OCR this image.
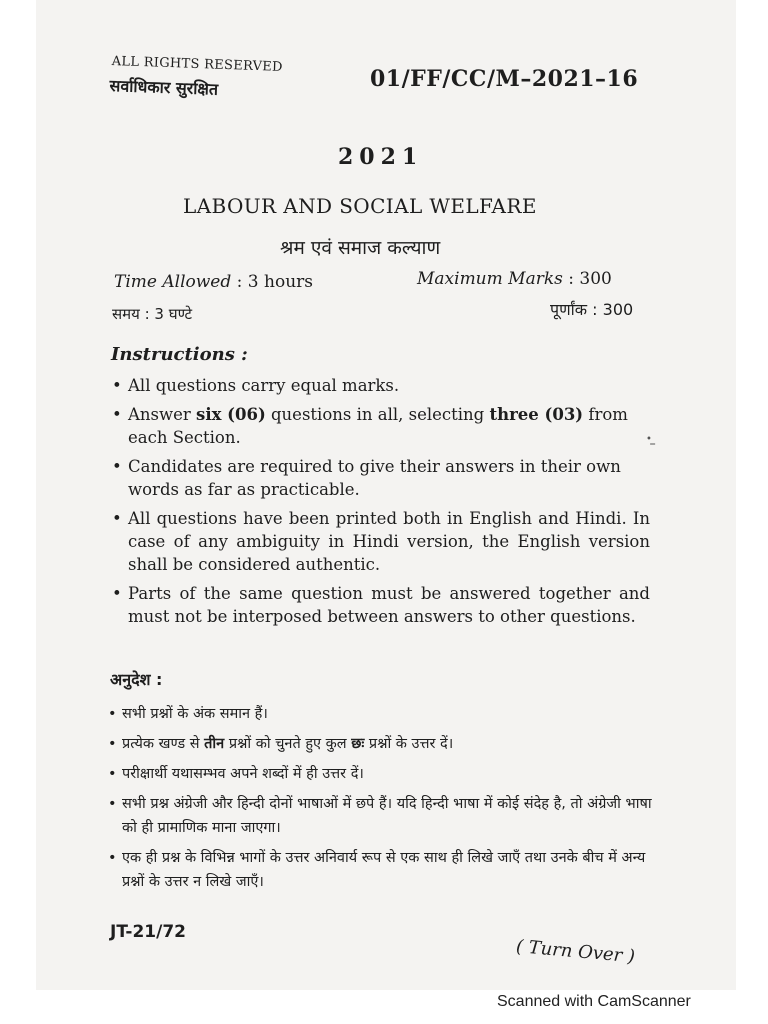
ALL RIGHTS RESERVED
सर्वाधिकार सुरक्षित	01/FF/CC/M–2021–16
2021
LABOUR AND SOCIAL WELFARE
श्रम एवं समाज कल्याण
Time Allowed : 3 hours	Maximum Marks : 300
समय : 3 घण्टे	पूर्णांक : 300
Instructions :
• ̳
• All questions carry equal marks.
• Answer six (06) questions in all, selecting three (03) from each Section.
• Candidates are required to give their answers in their own words as far as practicable.
• All questions have been printed both in English and Hindi. In case of any ambiguity in Hindi version, the English version shall be considered authentic.
• Parts of the same question must be answered together and must not be interposed between answers to other questions.
अनुदेश :
• सभी प्रश्नों के अंक समान हैं।
• प्रत्येक खण्ड से तीन प्रश्नों को चुनते हुए कुल छः प्रश्नों के उत्तर दें।
• परीक्षार्थी यथासम्भव अपने शब्दों में ही उत्तर दें।
• सभी प्रश्न अंग्रेजी और हिन्दी दोनों भाषाओं में छपे हैं। यदि हिन्दी भाषा में कोई संदेह है, तो अंग्रेजी भाषा को ही प्रामाणिक माना जाएगा।
• एक ही प्रश्न के विभिन्न भागों के उत्तर अनिवार्य रूप से एक साथ ही लिखे जाएँ तथा उनके बीच में अन्य प्रश्नों के उत्तर न लिखे जाएँ।
JT-21/72
( Turn Over )
Scanned with CamScanner
